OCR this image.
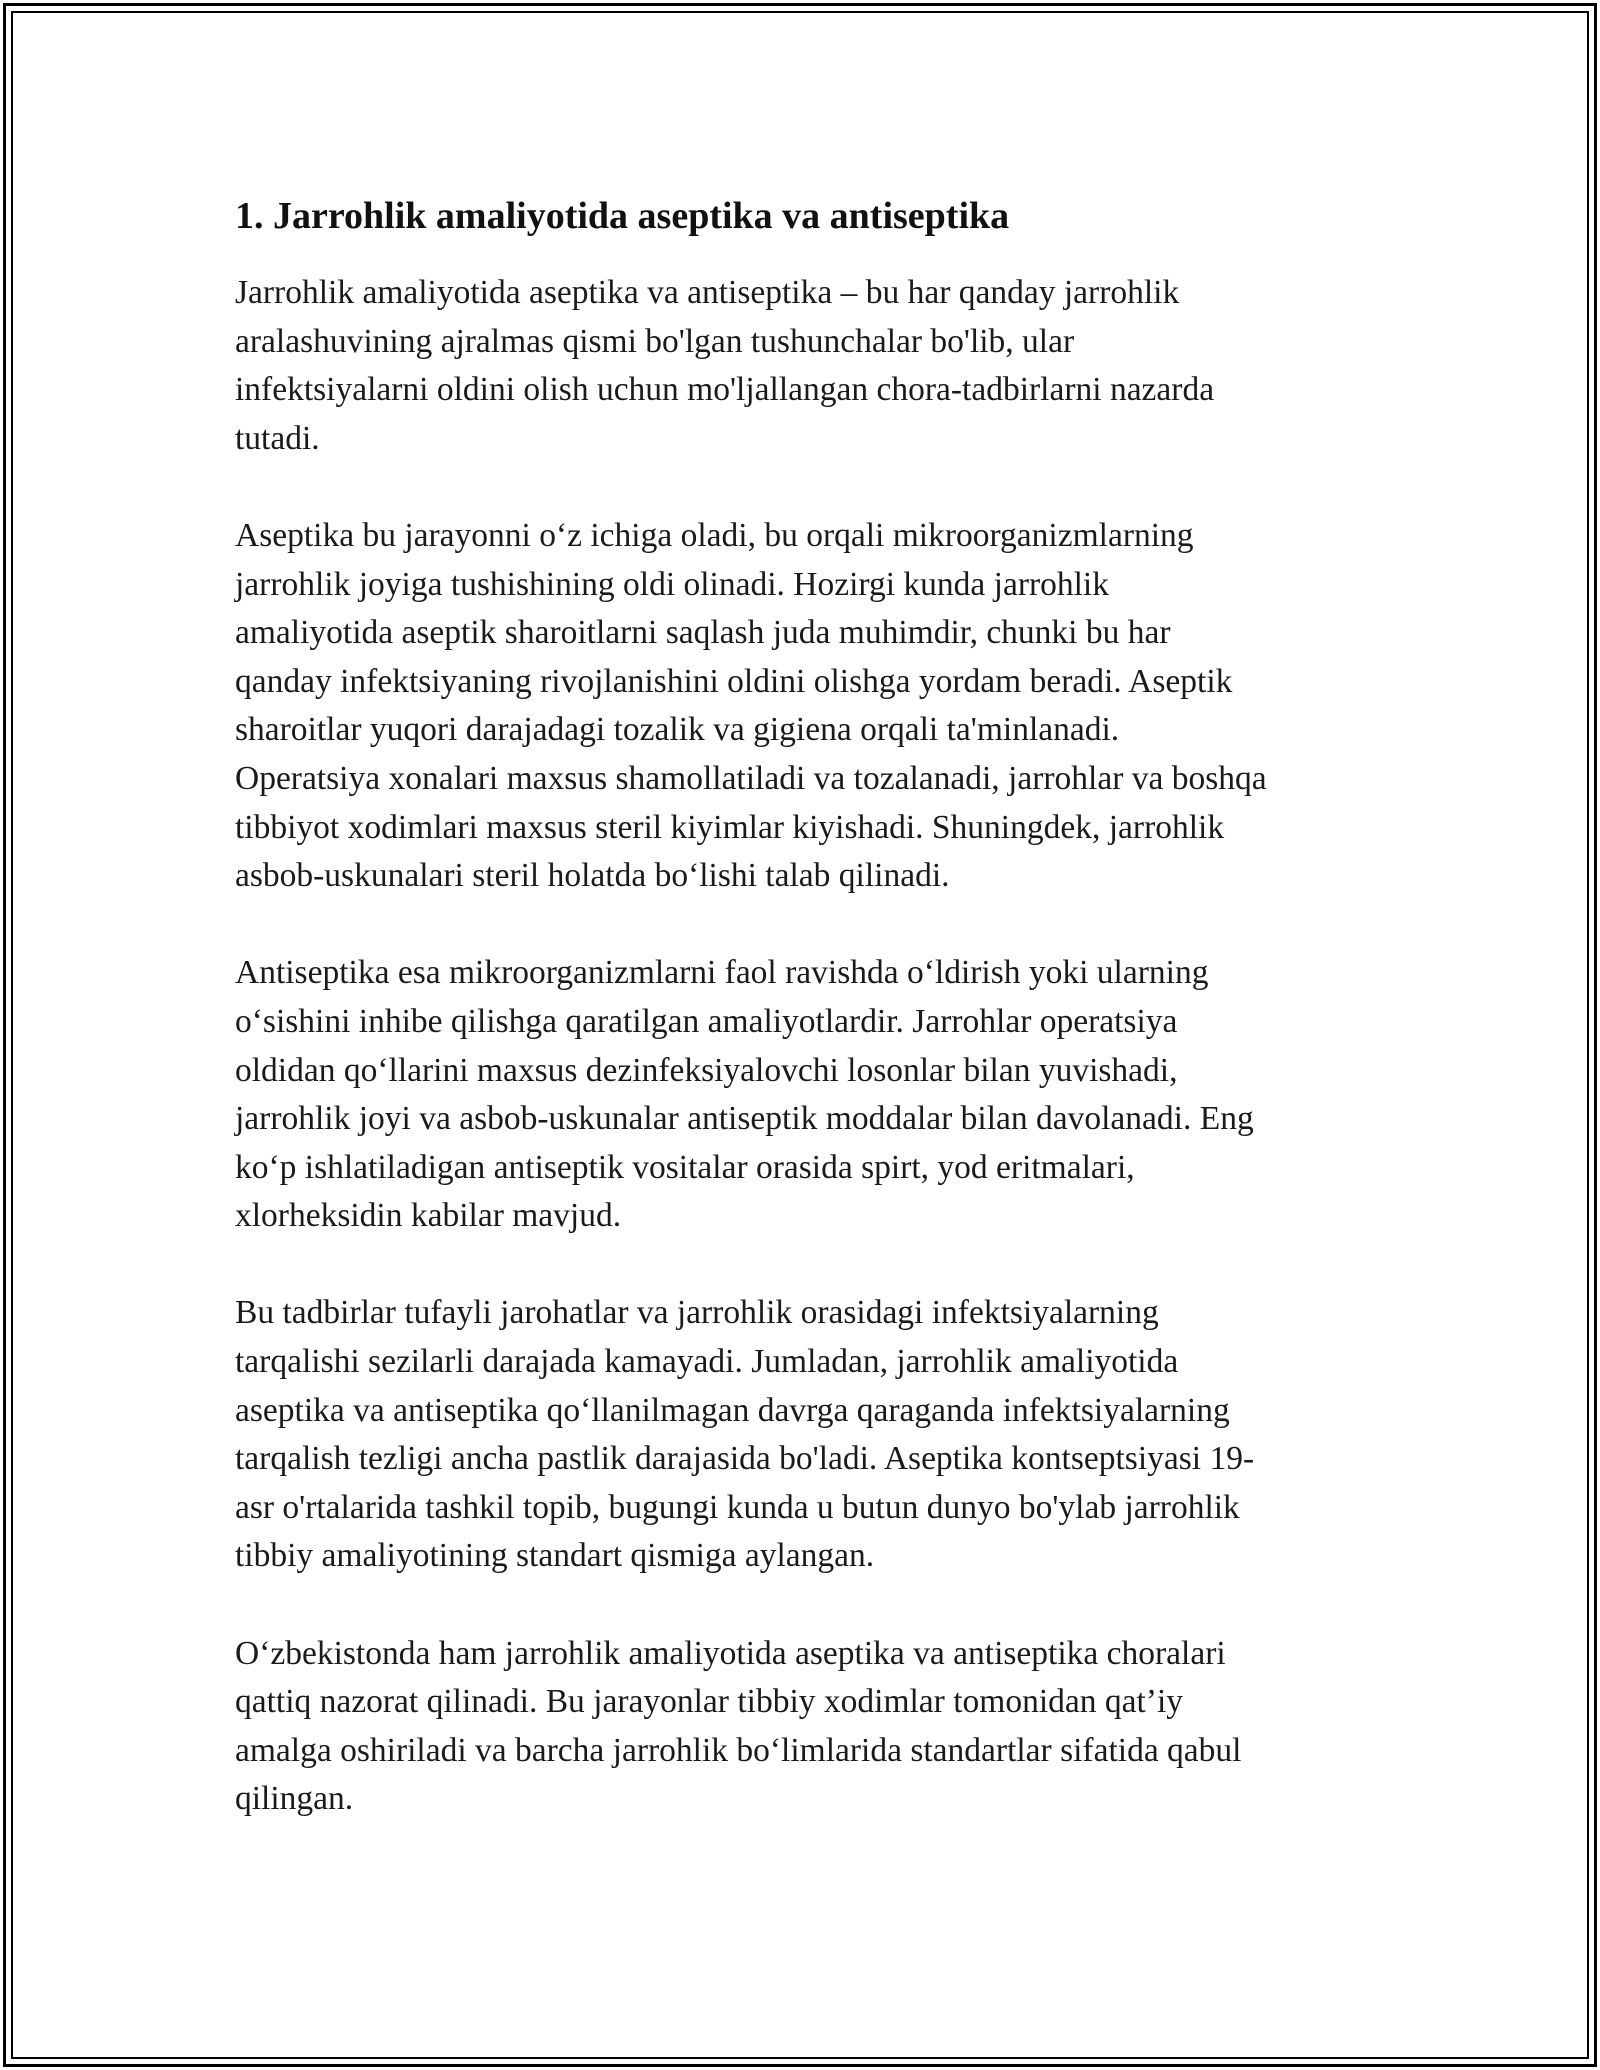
1. Jarrohlik amaliyotida aseptika va antiseptika

Jarrohlik amaliyotida aseptika va antiseptika – bu har qanday jarrohlik
aralashuvining ajralmas qismi bo'lgan tushunchalar bo'lib, ular
infektsiyalarni oldini olish uchun mo'ljallangan chora-tadbirlarni nazarda
tutadi.

Aseptika bu jarayonni o‘z ichiga oladi, bu orqali mikroorganizmlarning
jarrohlik joyiga tushishining oldi olinadi. Hozirgi kunda jarrohlik
amaliyotida aseptik sharoitlarni saqlash juda muhimdir, chunki bu har
qanday infektsiyaning rivojlanishini oldini olishga yordam beradi. Aseptik
sharoitlar yuqori darajadagi tozalik va gigiena orqali ta'minlanadi.
Operatsiya xonalari maxsus shamollatiladi va tozalanadi, jarrohlar va boshqa
tibbiyot xodimlari maxsus steril kiyimlar kiyishadi. Shuningdek, jarrohlik
asbob-uskunalari steril holatda bo‘lishi talab qilinadi.

Antiseptika esa mikroorganizmlarni faol ravishda o‘ldirish yoki ularning
o‘sishini inhibe qilishga qaratilgan amaliyotlardir. Jarrohlar operatsiya
oldidan qo‘llarini maxsus dezinfeksiyalovchi losonlar bilan yuvishadi,
jarrohlik joyi va asbob-uskunalar antiseptik moddalar bilan davolanadi. Eng
ko‘p ishlatiladigan antiseptik vositalar orasida spirt, yod eritmalari,
xlorheksidin kabilar mavjud.

Bu tadbirlar tufayli jarohatlar va jarrohlik orasidagi infektsiyalarning
tarqalishi sezilarli darajada kamayadi. Jumladan, jarrohlik amaliyotida
aseptika va antiseptika qo‘llanilmagan davrga qaraganda infektsiyalarning
tarqalish tezligi ancha pastlik darajasida bo'ladi. Aseptika kontseptsiyasi 19-
asr o'rtalarida tashkil topib, bugungi kunda u butun dunyo bo'ylab jarrohlik
tibbiy amaliyotining standart qismiga aylangan.

O‘zbekistonda ham jarrohlik amaliyotida aseptika va antiseptika choralari
qattiq nazorat qilinadi. Bu jarayonlar tibbiy xodimlar tomonidan qat’iy
amalga oshiriladi va barcha jarrohlik bo‘limlarida standartlar sifatida qabul
qilingan.
